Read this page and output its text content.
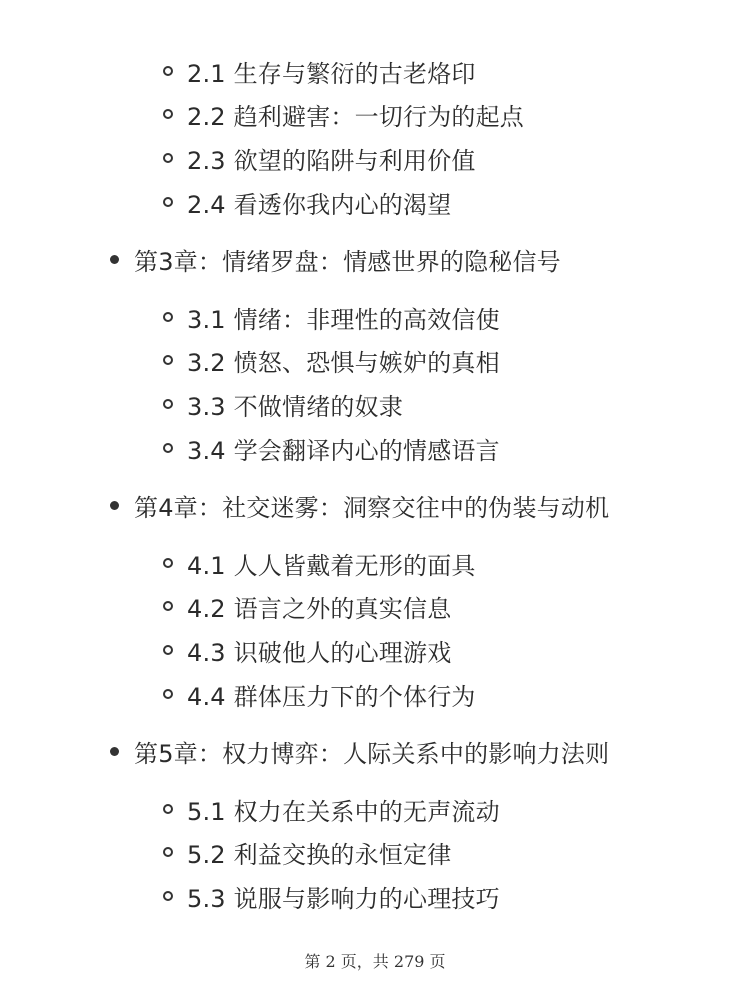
2.1 生存与繁衍的古老烙印
2.2 趋利避害：一切行为的起点
2.3 欲望的陷阱与利用价值
2.4 看透你我内心的渴望
第3章：情绪罗盘：情感世界的隐秘信号
3.1 情绪：非理性的高效信使
3.2 愤怒、恐惧与嫉妒的真相
3.3 不做情绪的奴隶
3.4 学会翻译内心的情感语言
第4章：社交迷雾：洞察交往中的伪装与动机
4.1 人人皆戴着无形的面具
4.2 语言之外的真实信息
4.3 识破他人的心理游戏
4.4 群体压力下的个体行为
第5章：权力博弈：人际关系中的影响力法则
5.1 权力在关系中的无声流动
5.2 利益交换的永恒定律
5.3 说服与影响力的心理技巧
第 2 页，共 279 页
